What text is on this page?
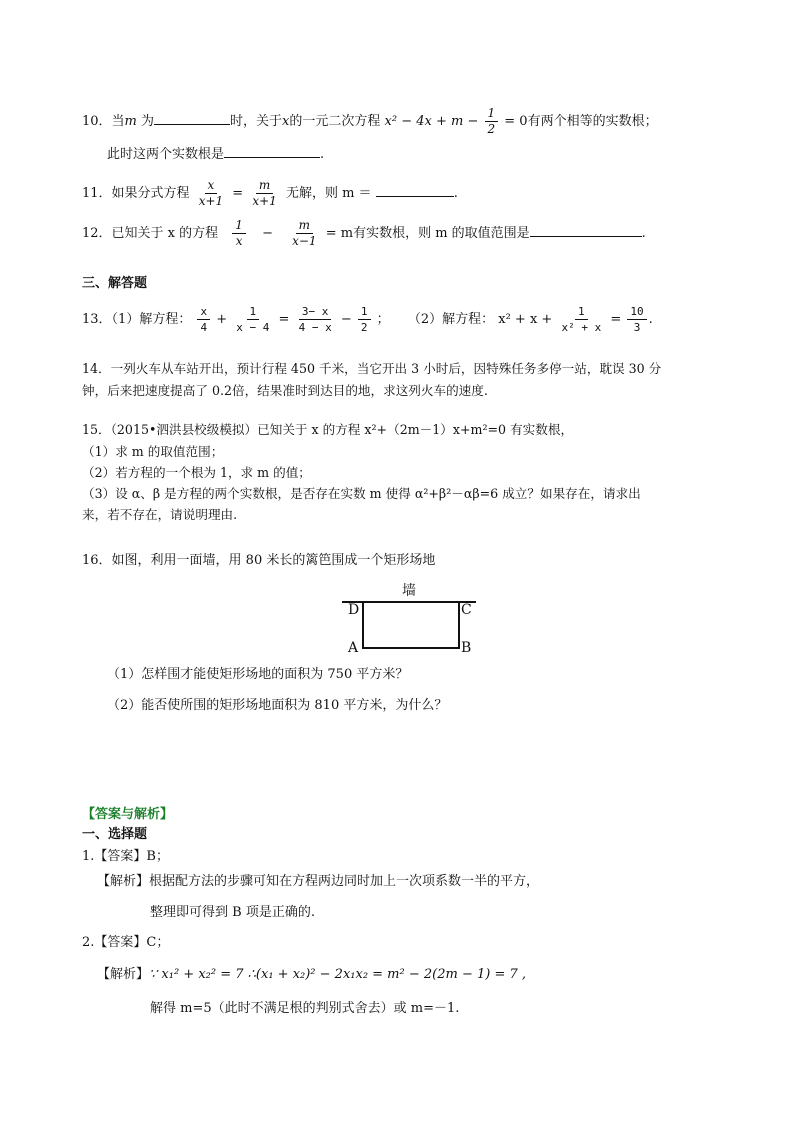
10．当m 为	时，关于x的一元二次方程 $x^2 - 4x + m - \frac{1}{2} = 0$有两个相等的实数根；
此时这两个实数根是	.
11．如果分式方程 $\frac{x}{x+1} = \frac{m}{x+1}$ 无解，则 m ＝	.
12．已知关于 x 的方程 $\frac{1}{x} - \frac{m}{x-1} = m$有实数根，则 m 的取值范围是	.
三、解答题
13．（1）解方程： $\frac{x}{4} + \frac{1}{x - 4} = \frac{3- x}{4 - x} - \frac{1}{2}$ ； （2）解方程： $x^2 + x + \frac{1}{\text{x² + x}} = \frac{10}{3}$ .
14．一列火车从车站开出，预计行程 450 千米，当它开出 3 小时后，因特殊任务多停一站，耽误 30 分
钟，后来把速度提高了 0.2倍，结果准时到达目的地，求这列火车的速度.
15．（2015•泗洪县校级模拟）已知关于 x 的方程 x²+（2m－1）x+m²=0 有实数根，
（1）求 m 的取值范围；
（2）若方程的一个根为 1，求 m 的值；
（3）设 α、β 是方程的两个实数根，是否存在实数 m 使得 α²+β²－αβ=6 成立？如果存在，请求出
来，若不存在，请说明理由.
16．如图，利用一面墙，用 80 米长的篱笆围成一个矩形场地
墙
D	C
A	B
（1）怎样围才能使矩形场地的面积为 750 平方米？
（2）能否使所围的矩形场地面积为 810 平方米，为什么？
【答案与解析】
一、选择题
1.【答案】B；
【解析】根据配方法的步骤可知在方程两边同时加上一次项系数一半的平方，
整理即可得到 B 项是正确的.
2.【答案】C；
【解析】∵ x₁² + x₂² = 7 ∴(x₁ + x₂)² − 2x₁x₂ = m² − 2(2m − 1) = 7 ,
解得 m=5（此时不满足根的判别式舍去）或 m=－1.
